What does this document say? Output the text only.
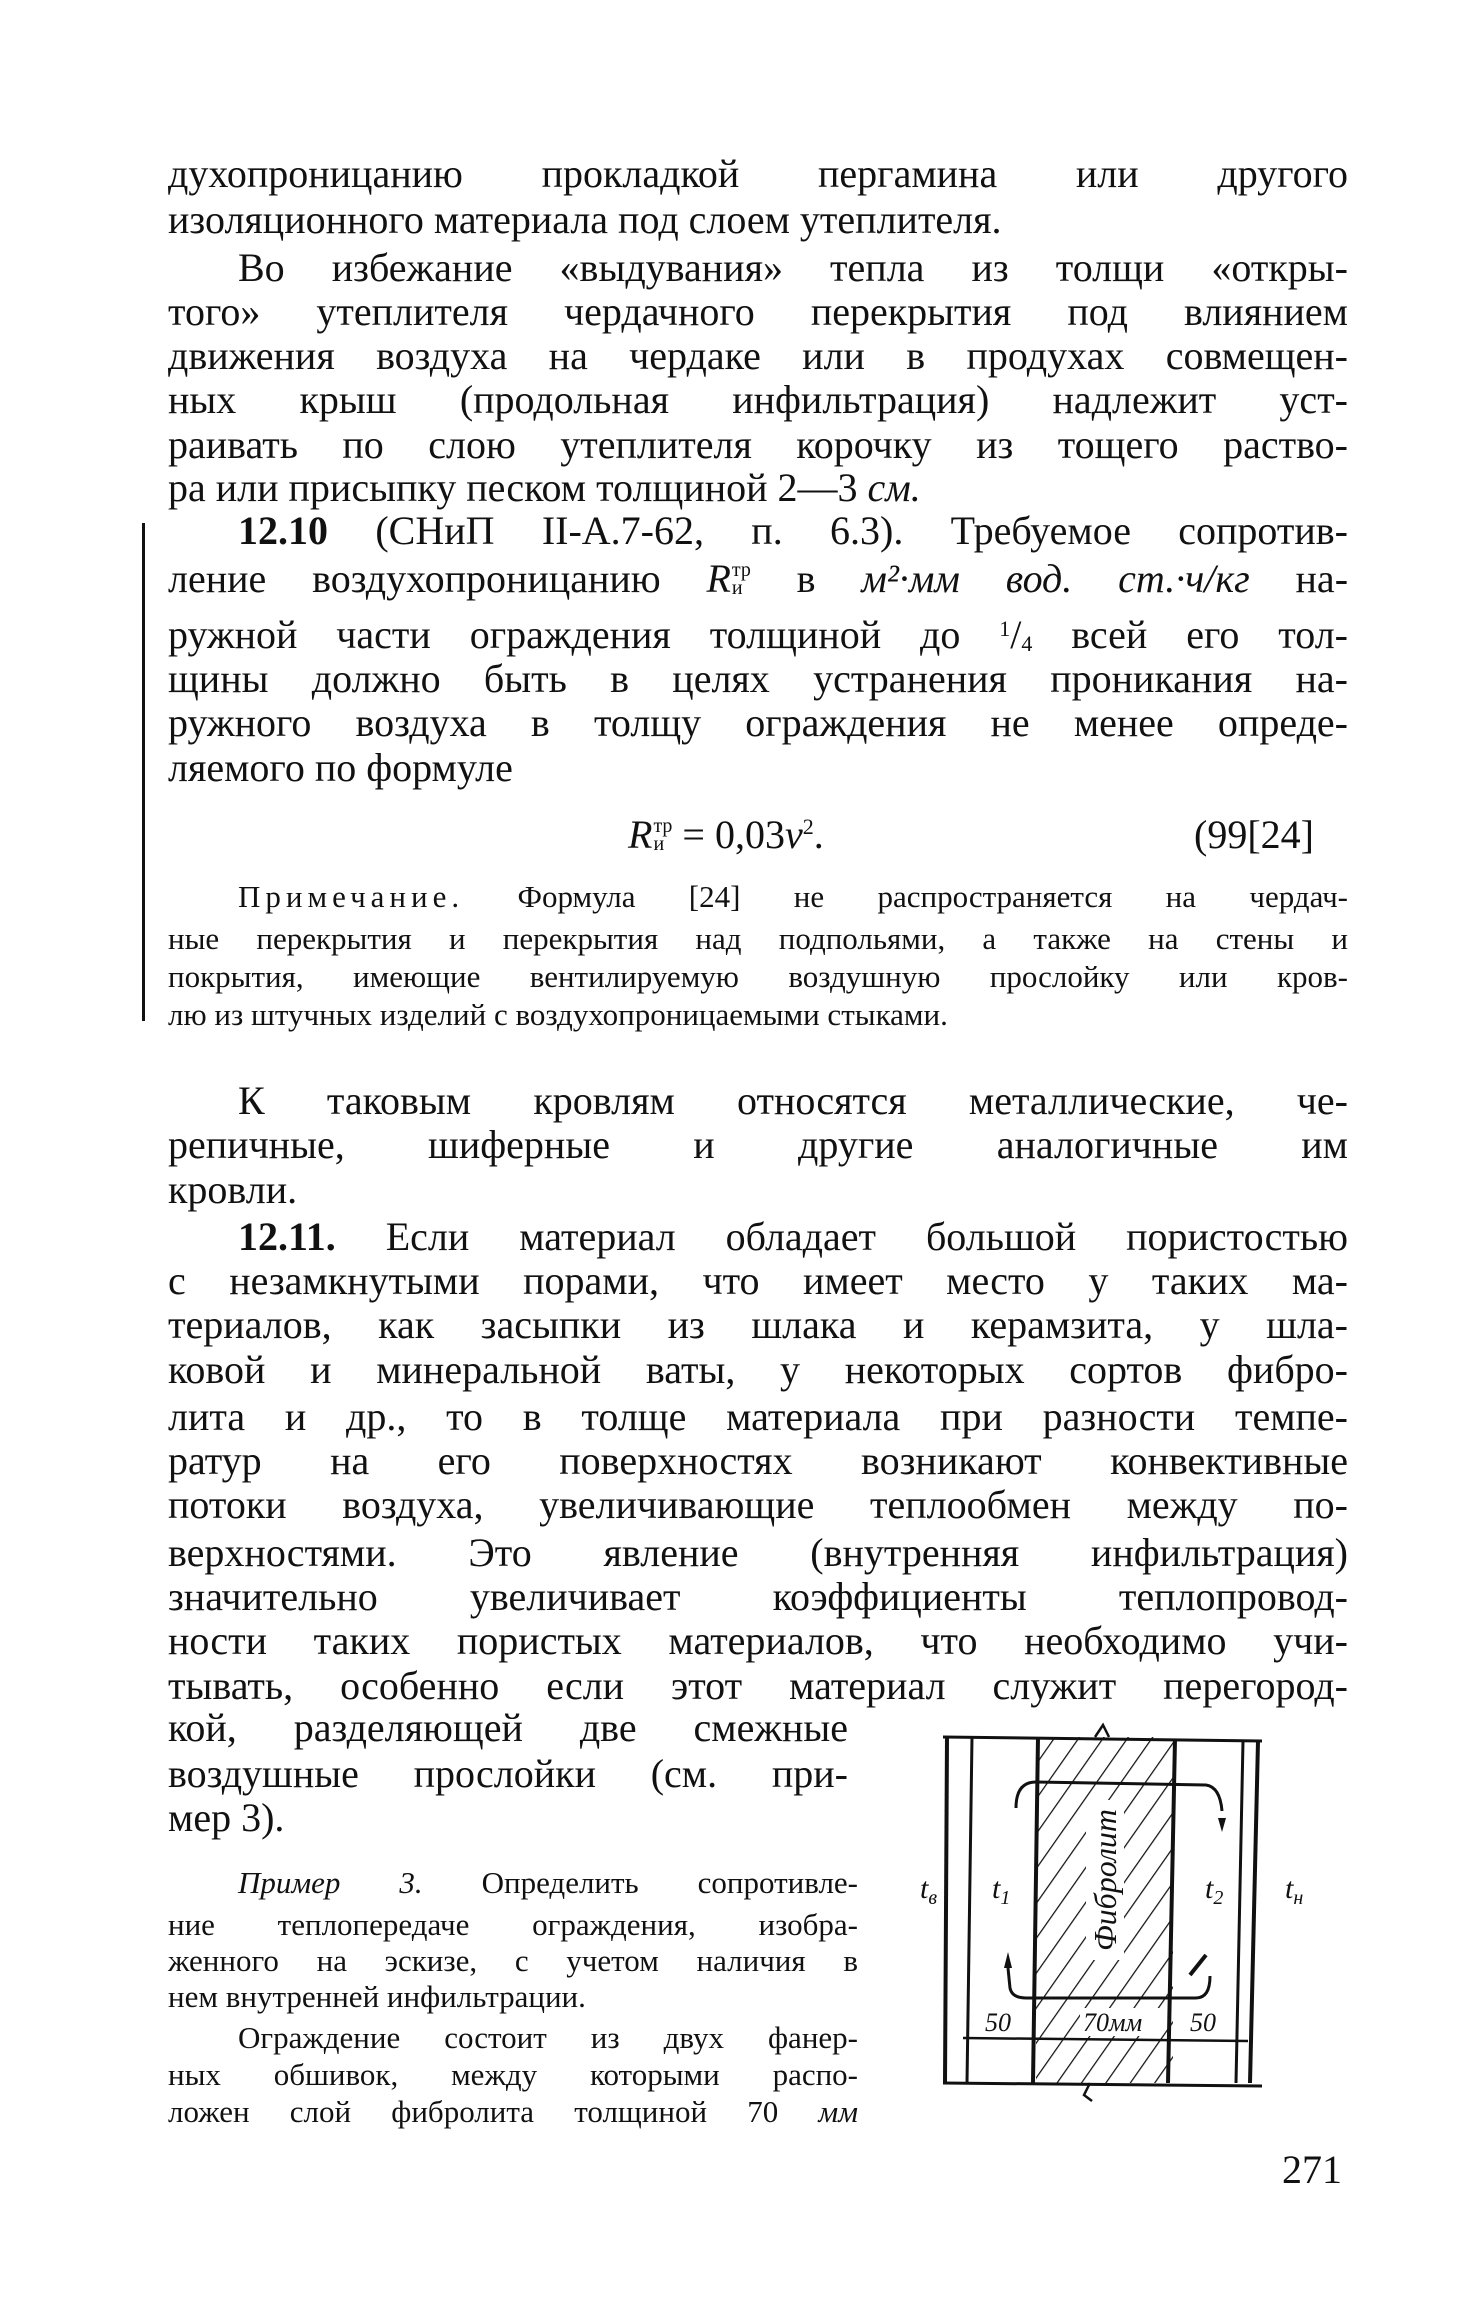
духопроницанию прокладкой пергамина или другого
изоляционного материала под слоем утеплителя.
Во избежание «выдувания» тепла из толщи «откры-
того» утеплителя чердачного перекрытия под влиянием
движения воздуха на чердаке или в продухах совмещен-
ных крыш (продольная инфильтрация) надлежит уст-
раивать по слою утеплителя корочку из тощего раство-
ра или присыпку песком толщиной 2—3 см.
12.10 (СНиП II-А.7-62, п. 6.3). Требуемое сопротив-
ление воздухопроницанию R тр
и в м²·мм вод. ст.·ч/кг на-
ружной части ограждения толщиной до $^1/_4$ всей его тол-
щины должно быть в целях устранения проникания на-
ружного воздуха в толщу ограждения не менее опреде-
ляемого по формуле
R тр
$и = 0,03v^2$.	(99[24]
Примечание. Формула [24] не распространяется на чердач-
ные перекрытия и перекрытия над подпольями, а также на стены и
покрытия, имеющие вентилируемую воздушную прослойку или кров-
лю из штучных изделий с воздухопроницаемыми стыками.
К таковым кровлям относятся металлические, че-
репичные, шиферные и другие аналогичные им
кровли.
12.11. Если материал обладает большой пористостью
с незамкнутыми порами, что имеет место у таких ма-
териалов, как засыпки из шлака и керамзита, у шла-
ковой и минеральной ваты, у некоторых сортов фибро-
лита и др., то в толще материала при разности темпе-
ратур на его поверхностях возникают конвективные
потоки воздуха, увеличивающие теплообмен между по-
верхностями. Это явление (внутренняя инфильтрация)
значительно увеличивает коэффициенты теплопровод-
ности таких пористых материалов, что необходимо учи-
тывать, особенно если этот материал служит перегород-
кой, разделяющей две смежные
воздушные прослойки (см. при-
мер 3).
Пример 3. Определить сопротивле-
ние теплопередаче ограждения, изобра-
женного на эскизе, с учетом наличия в
нем внутренней инфильтрации.
Ограждение состоит из двух фанер-
ных обшивок, между которыми распо-
ложен слой фибролита толщиной 70 мм
$t_в$ $t_1$	$t_2$ $t_н$
Фибролит
50	70мм 50
271
